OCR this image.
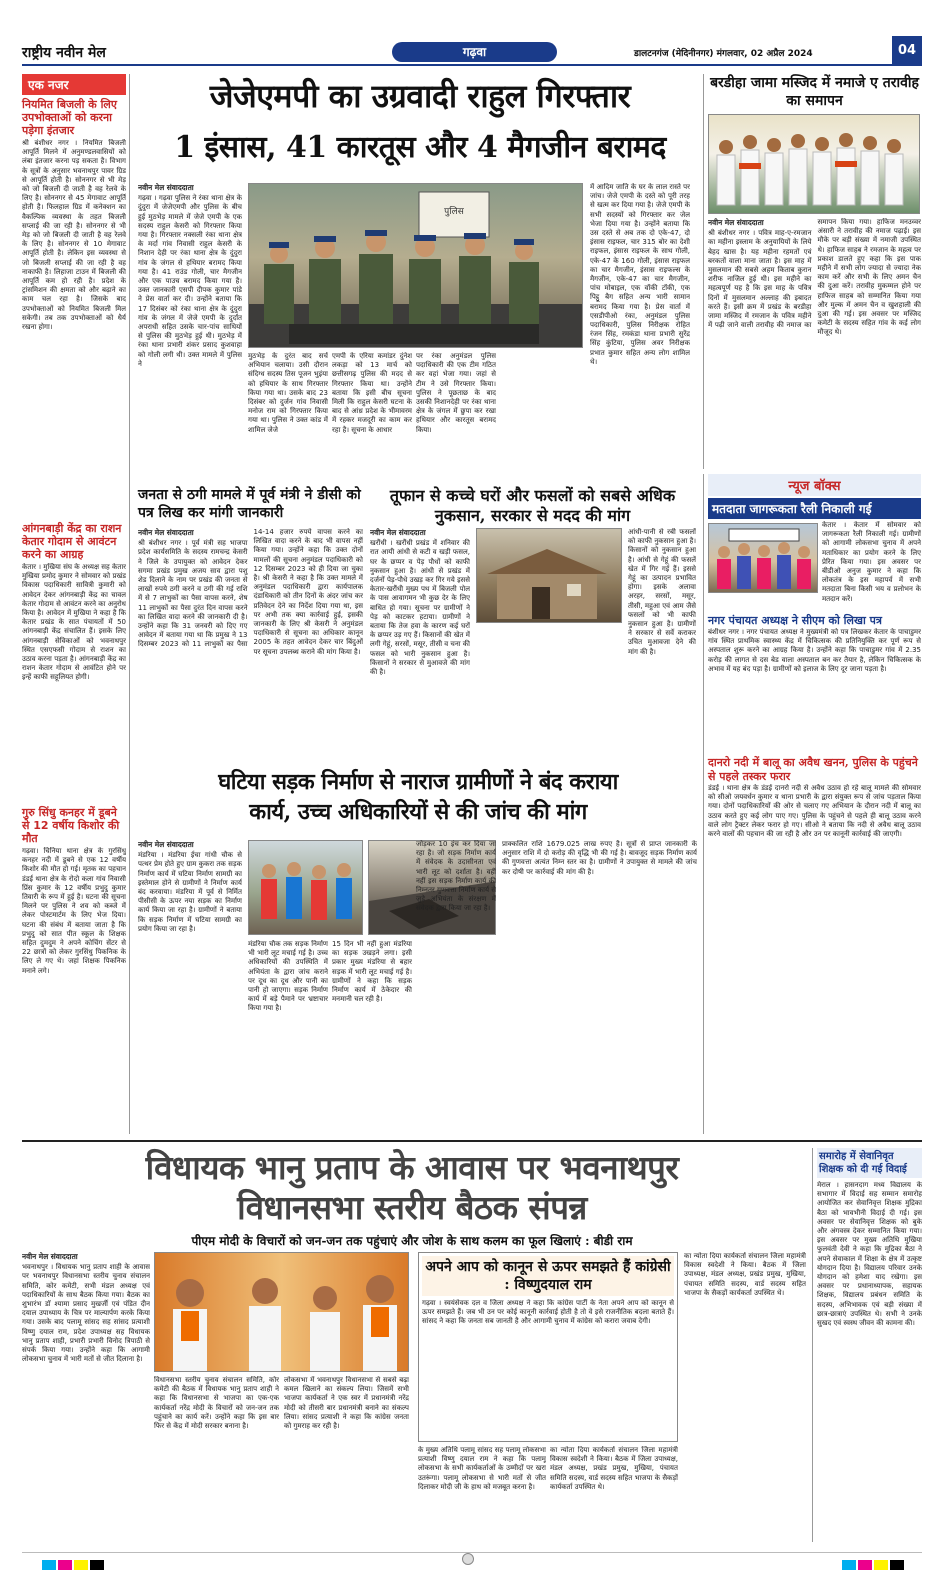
राष्ट्रीय नवीन मेल	गढ़वा	डालटनगंज (मेदिनीनगर) मंगलवार, 02 अप्रैल 2024	04
एक नजर
नियमित बिजली के लिए उपभोक्ताओं को करना पड़ेगा इंतजार
श्री बंशीधर नगर । नियमित बिजली आपूर्ति मिलने में अनुमण्डलवासियों को लंबा इंतजार करना पड़ सकता है। विभाग के सूत्रों के अनुसार भवनाथपुर पावर ग्रिड से आपूर्ति होती है। सोननगर से भी मेड़ को जो बिजली दी जाती है वह रेलवे के लिए है। सोननगर से 45 मेगावाट आपूर्ति होती है। फिलहाल ग्रिड में कनेक्शन का वैकल्पिक व्यवस्था के तहत बिजली सप्लाई की जा रही है। सोननगर से भी मेड़ को जो बिजली दी जाती है वह रेलवे के लिए है। सोननगर से 10 मेगावाट आपूर्ति होती है। लेकिन इस व्यवस्था से जो बिजली सप्लाई की जा रही है वह नाकाफी है। लिहाजा टाउन में बिजली की आपूर्ति कम हो रही है। प्रदेश के ट्रांसमिशन की क्षमता को और बढ़ाने का काम चल रहा है। जिसके बाद उपभोक्ताओं को नियमित बिजली मिल सकेगी। तब तक उपभोक्ताओं को धैर्य रखना होगा।
आंगनबाड़ी केंद्र का राशन केतार गोदाम से आवंटन करने का आग्रह
केतार । मुखिया संघ के अध्यक्ष सह केतार मुखिया प्रमोद कुमार ने सोमवार को प्रखंड विकास पदाधिकारी सावित्री कुमारी को आवेदन देकर आंगनबाड़ी केंद्र का चावल केतार गोदाम से आवंटन करने का अनुरोध किया है। आवेदन में मुखिया ने कहा है कि केतार प्रखंड के सात पंचायतों में 50 आंगनबाड़ी केंद्र संचालित हैं। इसके लिए आंगनबाड़ी सेविकाओं को भवनाथपुर स्थित एसएफसी गोदाम से राशन का उठाव करना पड़ता है। आंगनबाड़ी केंद्र का राशन केतार गोदाम से आवंटित होने पर इन्हें काफी सहूलियत होगी।
गुरु सिंधु कनहर में डूबने से 12 वर्षीय किशोर की मौत
गढ़वा। चिनिया थाना क्षेत्र के गुरसिंधु कनहर नदी में डूबने से एक 12 वर्षीय किशोर की मौत हो गई। मृतक का पहचान डंडई थाना क्षेत्र के रोदो कला गांव निवासी प्रिंस कुमार के 12 वर्षीय प्रभुदु कुमार तिवारी के रूप में हुई है। घटना की सूचना मिलने पर पुलिस ने शव को कब्जे में लेकर पोस्टमार्टम के लिए भेज दिया। घटना की संबंध में बताया जाता है कि प्रभुदु को सात पीत स्कूल के शिक्षक सहित दुमदुम ने अपने कोचिंग सेंटर से 22 छात्रों को लेकर गुरसिंधु पिकनिक के लिए ले गए थे। जहां शिक्षक पिकनिक मनाने लगे।
जेजेएमपी का उग्रवादी राहुल गिरफ्तार
1 इंसास, 41 कारतूस और 4 मैगजीन बरामद
नवीन मेल संवाददाता
गढ़वा । गढ़वा पुलिस ने रंका थाना क्षेत्र के दुंदुरा में जेजेएमपी और पुलिस के बीच हुई मुठभेड़ मामले में जेजे एमपी के एक सदस्य राहुल केसरी को गिरफ्तार किया गया है। गिरफ्तार नक्सली रंका थाना क्षेत्र के मर्दा गांव निवासी राहुल केसरी के निशान देही पर रंका थाना क्षेत्र के दुंदुरा गांव के जंगल से हथियार बरामद किया गया है। 41 राउंड गोली, चार मैगजीन और एक पाउच बरामद किया गया है। उक्त जानकारी एसपी दीपक कुमार पांडे ने प्रेस वार्ता कर दी। उन्होंने बताया कि 17 दिसंबर को रंका थाना क्षेत्र के दुंदुरा गांव के जंगल में जेजे एमपी के दुर्दांत अपराधी सहित उसके चार-पांच साथियों से पुलिस की मुठभेड़ हुई थी। मुठभेड़ में रंका थाना प्रभारी शंकर प्रसाद कुशवाहा को गोली लगी थी। उक्त मामले में पुलिस ने
पुलिस
मुठभेड़ के दुरंत बाद सर्च अभियान चलाया। उसी दौरान संदिग्ध सदस्य तिस पूजन भुइंया को हथियार के साथ गिरफ्तार किया गया था। उसके बाद 23 दिसंबर को दुर्जन गांव निवासी मनोज राम को गिरफ्तार किया गया था। पुलिस ने उक्त कांड में शामिल जेजे
एमपी के एरिया कमांडर दुंनेश लकड़ा को 13 मार्च को छत्तीसगढ़ पुलिस की मदद से गिरफ्तार किया था। उन्होंने बताया कि इसी बीच सूचना मिली कि राहुल केसरी घटना के बाद से आंध्र प्रदेश के भीमावरम में रहकर मजदूरी का काम कर रहा है। सूचना के आधार
पर रंका अनुमंडल पुलिस पदाधिकारी की एक टीम गठित कर वहां भेजा गया। जहां से टीम ने उसे गिरफ्तार किया। पुलिस ने पूछताछ के बाद उसकी निशानदेही पर रंका थाना क्षेत्र के जंगल में छुपा कर रखा हथियार और कारतूस बरामद किया।
में आदिम जाति के घर के लाल रास्ते पर जांच। जेजे एमपी के दस्ते को पूरी तरह से खत्म कर दिया गया है। जेजे एमपी के सभी सदस्यों को गिरफ्तार कर जेल भेजा दिया गया है। उन्होंने बताया कि उस दस्ते से अब तक दो एके-47, दो इंसास राइफल, चार 315 बोर का देशी राइफल, इंसास राइफल के साथ गोली, एके-47 के 160 गोली, इंसास राइफल का चार मैगजीन, इंसास राइफल्स के मैगजीन, एके-47 का चार मैगजीन, पांच मोबाइल, एक वॉकी टॉकी, एक पिट्ठू बैग सहित अन्य भारी सामान बरामद किया गया है। प्रेस वार्ता में एसडीपीओ रंका, अनुमंडल पुलिस पदाधिकारी, पुलिस निरीक्षक रोहित रंजन सिंह, रमकंडा थाना प्रभारी सुरेंद्र सिंह कुंटिया, पुलिस अवर निरीक्षक प्रभात कुमार सहित अन्य लोग शामिल थे।
बरडीहा जामा मस्जिद में नमाजे ए तरावीह का समापन
नवीन मेल संवाददाता
श्री बंशीधर नगर । पवित्र माह-ए-रमजान का महीना इस्लाम के अनुयायियों के लिये बेहद खास है। यह महीना रहमतों एवं बरकतों वाला माना जाता है। इस माह में मुसलमान की सबसे अहम किताब कुरान शरीफ नाजिल हुई थी। इस महीने का महत्वपूर्ण यह है कि इस माह के पवित्र दिनों में मुसलमान अल्लाह की इबादत करते हैं। इसी क्रम में प्रखंड के बरडीहा जामा मस्जिद में रमजान के पवित्र महीने में पढ़ी जाने वाली तरावीह की नमाज का समापन किया गया। हाफिज मनउव्वर अंसारी ने तरावीह की नमाज पढ़ाई। इस मौके पर बड़ी संख्या में नमाजी उपस्थित थे। हाफिज साहब ने रमजान के महत्व पर प्रकाश डालते हुए कहा कि इस पाक महीने में सभी लोग ज्यादा से ज्यादा नेक काम करें और सभी के लिए अमन चैन की दुआ करें। तरावीह मुकम्मल होने पर हाफिज साहब को सम्मानित किया गया और मुल्क में अमन चैन व खुशहाली की दुआ की गई। इस अवसर पर मस्जिद कमेटी के सदस्य सहित गांव के कई लोग मौजूद थे।
जनता से ठगी मामले में पूर्व मंत्री ने डीसी को पत्र लिख कर मांगी जानकारी
नवीन मेल संवाददाता
श्री बंशीधर नगर । पूर्व मंत्री सह भाजपा प्रदेश कार्यसमिति के सदस्य रामचन्द्र केसरी ने जिले के उपायुक्त को आवेदन देकर सगमा प्रखंड प्रमुख अजय साव द्वारा पशु शेड दिलाने के नाम पर प्रखंड की जनता से लाखों रुपये ठगी करने व ठगी की गई राशि में से 7 लाभुकों का पैसा वापस करने, शेष 11 लाभुकों का पैसा दुरंत दिन वापस करने का लिखित वादा करने की जानकारी दी है। उन्होंने कहा कि 31 जनवरी को दिए गए आवेदन में बताया गया था कि प्रमुख ने 13 दिसम्बर 2023 को 11 लाभुकों का पैसा 14-14 हजार रुपये वापस करने का लिखित वादा करने के बाद भी वापस नहीं किया गया। उन्होंने कहा कि उक्त दोनों मामलों की सूचना अनुमंडल पदाधिकारी को 12 दिसम्बर 2023 को ही दिया जा चुका है। श्री केसरी ने कहा है कि उक्त मामले में अनुमंडल पदाधिकारी द्वारा कार्यपालक दंडाधिकारी को तीन दिनों के अंदर जांच कर प्रतिवेदन देने का निर्देश दिया गया था, इस पर अभी तक क्या कार्रवाई हुई, इसकी जानकारी के लिए श्री केसरी ने अनुमंडल पदाधिकारी से सूचना का अधिकार कानून 2005 के तहत आवेदन देकर चार बिंदुओं पर सूचना उपलब्ध कराने की मांग किया है।
तूफान से कच्चे घरों और फसलों को सबसे अधिक नुकसान, सरकार से मदद की मांग
नवीन मेल संवाददाता
खरौंधी । खरौंधी प्रखंड में शनिवार की रात आयी आंधी से कटी व खड़ी फसल, घर के छप्पर व पेड़ पौधों को काफी नुकसान हुआ है। आंधी से प्रखंड में दर्जनों पेड़-पौधे उखड़ कर गिर गये इससे केतार-खरौंधी मुख्य पथ में बिजली पोल के पास आवागमन भी कुछ देर के लिए बाधित हो गया। सूचना पर ग्रामीणों ने पेड़ को काटकर हटाया। ग्रामीणों ने बताया कि तेज हवा के कारण कई घरों के छप्पर उड़ गए हैं। किसानों की खेत में लगी गेहूं, सरसों, मसूर, तीसी व चना की फसल को भारी नुकसान हुआ है। किसानों ने सरकार से मुआवजे की मांग की है।
आंधी-पानी से रबी फसलों को काफी नुकसान हुआ है। किसानों को नुकसान हुआ है। आंधी से गेहूं की फसलें खेत में गिर गई हैं। इससे गेहूं का उत्पादन प्रभावित होगा। इसके अलावा अरहर, सरसों, मसूर, तीसी, महुआ एवं आम जैसे फसलों को भी काफी नुकसान हुआ है। ग्रामीणों ने सरकार से सर्वे कराकर उचित मुआवजा देने की मांग की है।
न्यूज बॉक्स
मतदाता जागरूकता रैली निकाली गई
केतार । केतार में सोमवार को जागरूकता रैली निकाली गई। ग्रामीणों को आगामी लोकसभा चुनाव में अपने मताधिकार का प्रयोग करने के लिए प्रेरित किया गया। इस अवसर पर बीडीओ अनुज कुमार ने कहा कि लोकतंत्र के इस महापर्व में सभी मतदाता बिना किसी भय व प्रलोभन के मतदान करें।
नगर पंचायत अध्यक्ष ने सीएम को लिखा पत्र
बंशीधर नगर । नगर पंचायत अध्यक्ष ने मुख्यमंत्री को पत्र लिखकर केतार के पाचाडुमर गांव स्थित प्राथमिक स्वास्थ्य केंद्र में चिकित्सक की प्रतिनियुक्ति कर पूर्ण रूप से अस्पताल शुरू करने का आग्रह किया है। उन्होंने कहा कि पाचाडुमर गांव में 2.35 करोड़ की लागत से दस बेड वाला अस्पताल बन कर तैयार है, लेकिन चिकित्सक के अभाव में यह बंद पड़ा है। ग्रामीणों को इलाज के लिए दूर जाना पड़ता है।
दानरो नदी में बालू का अवैध खनन, पुलिस के पहुंचने से पहले तस्कर फरार
डंडई । थाना क्षेत्र के डंडई दानरो नदी से अवैध उठाव हो रहे बालू मामले की सोमवार को सीओ जयवर्धन कुमार व थाना प्रभारी के द्वारा संयुक्त रूप से जांच पड़ताल किया गया। दोनों पदाधिकारियों की ओर से चलाए गए अभियान के दौरान नदी में बालू का उठाव करते हुए कई लोग पाए गए। पुलिस के पहुंचने से पहले ही बालू उठाव करने वाले लोग ट्रैक्टर लेकर फरार हो गए। सीओ ने बताया कि नदी से अवैध बालू उठाव करने वालों की पहचान की जा रही है और उन पर कानूनी कार्रवाई की जाएगी।
घटिया सड़क निर्माण से नाराज ग्रामीणों ने बंद कराया
कार्य, उच्च अधिकारियों से की जांच की मांग
नवीन मेल संवाददाता
मंडरिया । मंडरिया ईचा गांधी चौक से पत्थर प्रेम होते हुए ग्राम कुकरा तक सड़क निर्माण कार्य में घटिया निर्माण सामग्री का इस्तेमाल होने से ग्रामीणों ने निर्माण कार्य बंद करवाया। मंडरिया में पूर्व से निर्मित पीसीसी के ऊपर नया सड़क का निर्माण कार्य किया जा रहा है। ग्रामीणों ने बताया कि सड़क निर्माण में घटिया सामग्री का प्रयोग किया जा रहा है।
मंडरिया चौक तक सड़क निर्माण भी भारी लूट मचाई गई है। उच्च अधिकारियों की उपस्थिति में अभियंता के द्वारा जांच कराने पर दूध का दूध और पानी का पानी हो जाएगा। सड़क निर्माण कार्य में बड़े पैमाने पर भ्रष्टाचार किया गया है।
15 दिन भी नहीं हुआ मंडरिया का सड़क उखड़ने लगा। इसी प्रकार मुख्य मंडरिया से बहार सड़क में भारी लूट मचाई गई है। ग्रामीणों ने कहा कि सड़क निर्माण कार्य में ठेकेदार की मनमानी चल रही है।
जोड़कर 10 इंच कर दिया जा रहा है। जो सड़क निर्माण कार्य में संवेदक के उदासीनता एवं भारी लूट को दर्शाता है। वहीं नहीं इस सड़क निर्माण कार्य की निम्नतर गुणवत्ता निर्माण कार्य से जुड़े अभियंता के संरक्षण में संवेदक द्वारा किया जा रहा है।
प्राक्कलित राशि 1679.025 लाख रुपए है। सूत्रों से प्राप्त जानकारी के अनुसार राशि में दो करोड़ की वृद्धि भी की गई है। बावजूद सड़क निर्माण कार्य की गुणवत्ता अत्यंत निम्न स्तर का है। ग्रामीणों ने उपायुक्त से मामले की जांच कर दोषी पर कार्रवाई की मांग की है।
विधायक भानु प्रताप के आवास पर भवनाथपुर
विधानसभा स्तरीय बैठक संपन्न
पीएम मोदी के विचारों को जन-जन तक पहुंचाएं और जोश के साथ कलम का फूल खिलाएं : बीडी राम
नवीन मेल संवाददाता
भवनाथपुर । विधायक भानु प्रताप शाही के आवास पर भवनाथपुर विधानसभा स्तरीय चुनाव संचालन समिति, कोर कमेटी, सभी मंडल अध्यक्ष एवं पदाधिकारियों के साथ बैठक किया गया। बैठक का शुभारंभ डॉ श्यामा प्रसाद मुखर्जी एवं पंडित दीन दयाल उपाध्याय के चित्र पर माल्यार्पण करके किया गया। उसके बाद पलामू सांसद सह सांसद प्रत्याशी विष्णु दयाल राम, प्रदेश उपाध्यक्ष सह विधायक भानु प्रताप शाही, प्रभारी प्रभारी विनोद त्रिपाठी से संपर्क किया गया। उन्होंने कहा कि आगामी लोकसभा चुनाव में भारी मतों से जीत दिलाना है।
विधानसभा स्तरीय चुनाव संचालन समिति, कोर कमेटी की बैठक में विधायक भानु प्रताप शाही ने कहा कि विधानसभा से भाजपा का एक-एक कार्यकर्ता नरेंद्र मोदी के विचारों को जन-जन तक पहुंचाने का कार्य करें। उन्होंने कहा कि इस बार फिर से केंद्र में मोदी सरकार बनाना है।
लोकसभा में भवनाथपुर विधानसभा से सबसे बढ़ा कमल खिलाने का संकल्प लिया। जिसमें सभी भाजपा कार्यकर्ता ने एक स्वर में प्रधानमंत्री नरेंद्र मोदी को तीसरी बार प्रधानमंत्री बनाने का संकल्प लिया। सांसद प्रत्याशी ने कहा कि कांग्रेस जनता को गुमराह कर रही है।
अपने आप को कानून से ऊपर समझते हैं कांग्रेसी : विष्णुदयाल राम
गढ़वा । स्वयंसेवक दल व जिला अध्यक्ष ने कहा कि कांग्रेस पार्टी के नेता अपने आप को कानून से ऊपर समझते हैं। जब भी उन पर कोई कानूनी कार्रवाई होती है तो वे इसे राजनीतिक बदला बताते हैं। सांसद ने कहा कि जनता सब जानती है और आगामी चुनाव में कांग्रेस को करारा जवाब देगी।
के मुख्य अतिथि पलामू सांसद सह पलामू लोकसभा प्रत्याशी विष्णु दयाल राम ने कहा कि पलामू लोकसभा के सभी कार्यकर्ताओं के उम्मीदों पर खरा उतरूंगा। पलामू लोकसभा से भारी मतों से जीत दिलाकर मोदी जी के हाथ को मजबूत करना है।
का न्योता दिया कार्यकर्ता संचालन जिला महामंत्री विकास स्वदेशी ने किया। बैठक में जिला उपाध्यक्ष, मंडल अध्यक्ष, प्रखंड प्रमुख, मुखिया, पंचायत समिति सदस्य, वार्ड सदस्य सहित भाजपा के सैकड़ों कार्यकर्ता उपस्थित थे।
का न्योता दिया कार्यकर्ता संचालन जिला महामंत्री विकास स्वदेशी ने किया। बैठक में जिला उपाध्यक्ष, मंडल अध्यक्ष, प्रखंड प्रमुख, मुखिया, पंचायत समिति सदस्य, वार्ड सदस्य सहित भाजपा के सैकड़ों कार्यकर्ता उपस्थित थे।
समारोह में सेवानिवृत शिक्षक को दी गई विदाई
मेराल । हासनदाग मध्य विद्यालय के सभागार में विदाई सह सम्मान समारोह आयोजित कर सेवानिवृत्त शिक्षक मुद्रिका बैठा को भावभीनी विदाई दी गई। इस अवसर पर सेवानिवृत्त शिक्षक को बुके और अंगवस्त्र देकर सम्मानित किया गया। इस अवसर पर मुख्य अतिथि मुखिया फुलवंती देवी ने कहा कि मुद्रिका बैठा ने अपने सेवाकाल में शिक्षा के क्षेत्र में उत्कृष्ट योगदान दिया है। विद्यालय परिवार उनके योगदान को हमेशा याद रखेगा। इस अवसर पर प्रधानाध्यापक, सहायक शिक्षक, विद्यालय प्रबंधन समिति के सदस्य, अभिभावक एवं बड़ी संख्या में छात्र-छात्राएं उपस्थित थे। सभी ने उनके सुखद एवं स्वस्थ जीवन की कामना की।
